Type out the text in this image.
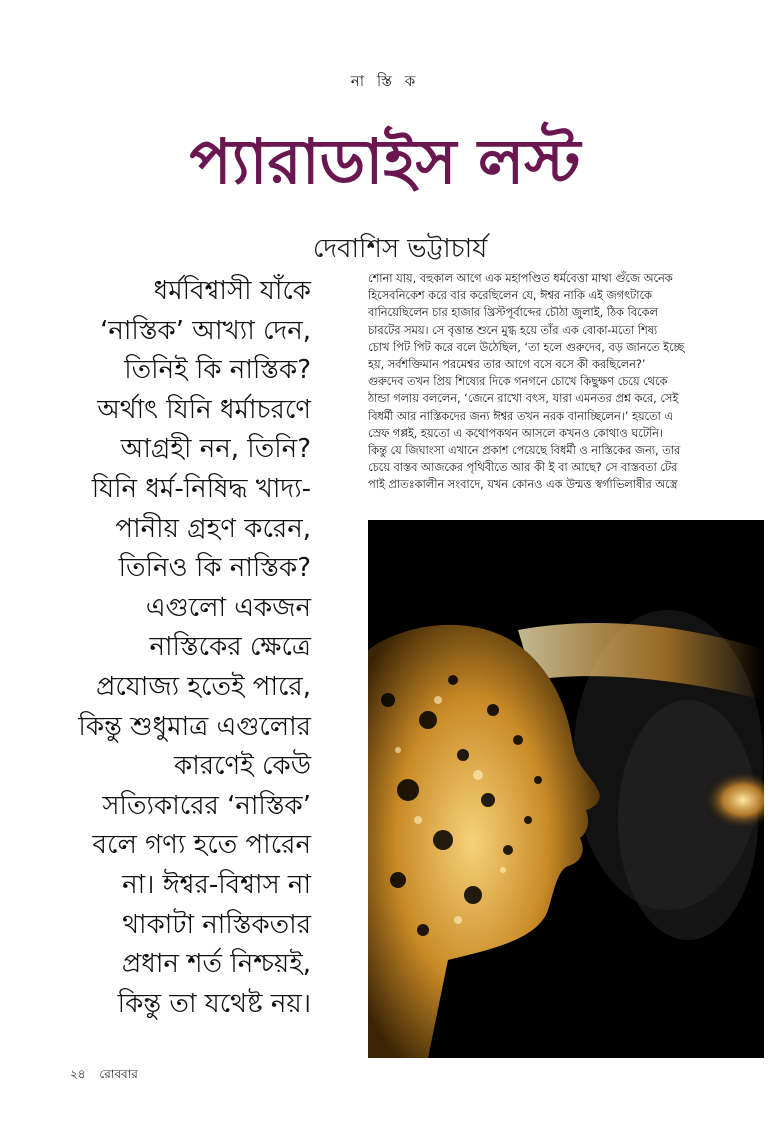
না স্তি ক
প্যারাডাইস লস্ট
দেবাশিস ভট্টাচার্য
ধর্মবিশ্বাসী যাঁকে
‘নাস্তিক’ আখ্যা দেন,
তিনিই কি নাস্তিক?
অর্থাৎ যিনি ধর্মাচরণে
আগ্রহী নন, তিনি?
যিনি ধর্ম-নিষিদ্ধ খাদ্য-
পানীয় গ্রহণ করেন,
তিনিও কি নাস্তিক?
এগুলো একজন
নাস্তিকের ক্ষেত্রে
প্রযোজ্য হতেই পারে,
কিন্তু শুধুমাত্র এগুলোর
কারণেই কেউ
সত্যিকারের ‘নাস্তিক’
বলে গণ্য হতে পারেন
না। ঈশ্বর-বিশ্বাস না
থাকাটা নাস্তিকতার
প্রধান শর্ত নিশ্চয়ই,
কিন্তু তা যথেষ্ট নয়।
শোনা যায়, বহুকাল আগে এক মহাপণ্ডিত ধর্মবেত্তা মাথা গুঁজে অনেক
হিসেবনিকেশ করে বার করেছিলেন যে, ঈশ্বর নাকি এই জগৎটাকে
বানিয়েছিলেন চার হাজার খ্রিস্টপূর্বাব্দের চৌঠা জুলাই, ঠিক বিকেল
চারটের সময়। সে বৃত্তান্ত শুনে মুগ্ধ হয়ে তাঁর এক বোকা-মতো শিষ্য
চোখ পিট পিট করে বলে উঠেছিল, ‘তা হলে গুরুদেব, বড় জানতে ইচ্ছে
হয়, সর্বশক্তিমান পরমেশ্বর তার আগে বসে বসে কী করছিলেন?’
গুরুদেব তখন প্রিয় শিষ্যের দিকে গনগনে চোখে কিছুক্ষণ চেয়ে থেকে
ঠান্ডা গলায় বললেন, ‘জেনে রাখো বৎস, যারা এমনতর প্রশ্ন করে, সেই
বিধর্মী আর নাস্তিকদের জন্য ঈশ্বর তখন নরক বানাচ্ছিলেন।’ হয়তো এ
স্রেফ গপ্পই, হয়তো এ কথোপকথন আসলে কখনও কোথাও ঘটেনি।
কিন্তু যে জিঘাংসা এখানে প্রকাশ পেয়েছে বিধর্মী ও নাস্তিকের জন্য, তার
চেয়ে বাস্তব আজকের পৃথিবীতে আর কী ই বা আছে? সে বাস্তবতা টের
পাই প্রাতঃকালীন সংবাদে, যখন কোনও এক উন্মত্ত স্বর্গাভিলাষীর অস্ত্রে
২৪ রোববার
